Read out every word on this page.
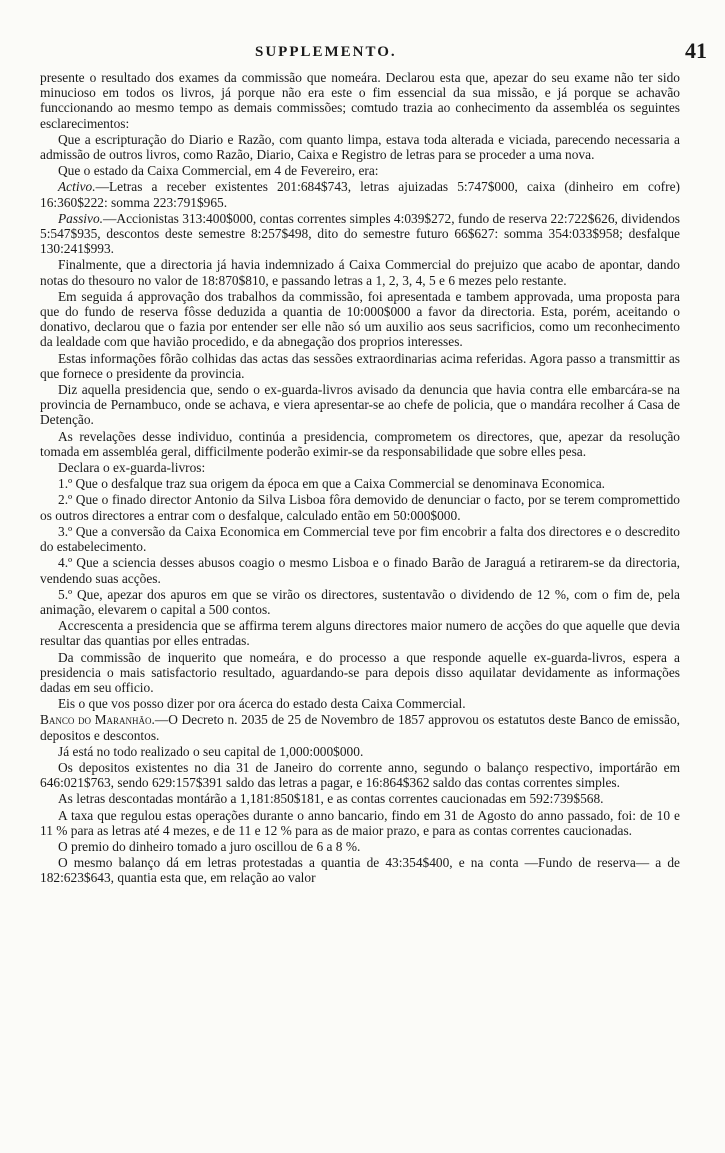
SUPPLEMENTO.	41

presente o resultado dos exames da commissão que nomeára. Declarou esta que, apezar do seu exame não ter sido minucioso em todos os livros, já porque não era este o fim essencial da sua missão, e já porque se achavão funccionando ao mesmo tempo as demais commissões; comtudo trazia ao conhecimento da assembléa os seguintes esclarecimentos:

Que a escripturação do Diario e Razão, com quanto limpa, estava toda alterada e viciada, parecendo necessaria a admissão de outros livros, como Razão, Diario, Caixa e Registro de letras para se proceder a uma nova.

Que o estado da Caixa Commercial, em 4 de Fevereiro, era:

Activo.—Letras a receber existentes 201:684$743, letras ajuizadas 5:747$000, caixa (dinheiro em cofre) 16:360$222: somma 223:791$965.

Passivo.—Accionistas 313:400$000, contas correntes simples 4:039$272, fundo de reserva 22:722$626, dividendos 5:547$935, descontos deste semestre 8:257$498, dito do semestre futuro 66$627: somma 354:033$958; desfalque 130:241$993.

Finalmente, que a directoria já havia indemnizado á Caixa Commercial do prejuizo que acabo de apontar, dando notas do thesouro no valor de 18:870$810, e passando letras a 1, 2, 3, 4, 5 e 6 mezes pelo restante.

Em seguida á approvação dos trabalhos da commissão, foi apresentada e tambem approvada, uma proposta para que do fundo de reserva fôsse deduzida a quantia de 10:000$000 a favor da directoria. Esta, porém, aceitando o donativo, declarou que o fazia por entender ser elle não só um auxilio aos seus sacrificios, como um reconhecimento da lealdade com que havião procedido, e da abnegação dos proprios interesses.

Estas informações fôrão colhidas das actas das sessões extraordinarias acima referidas. Agora passo a transmittir as que fornece o presidente da provincia.

Diz aquella presidencia que, sendo o ex-guarda-livros avisado da denuncia que havia contra elle embarcára-se na provincia de Pernambuco, onde se achava, e viera apresentar-se ao chefe de policia, que o mandára recolher á Casa de Detenção.

As revelações desse individuo, continúa a presidencia, comprometem os directores, que, apezar da resolução tomada em assembléa geral, difficilmente poderão eximir-se da responsabilidade que sobre elles pesa.

Declara o ex-guarda-livros:

1.º Que o desfalque traz sua origem da época em que a Caixa Commercial se denominava Economica.

2.º Que o finado director Antonio da Silva Lisboa fôra demovido de denunciar o facto, por se terem compromettido os outros directores a entrar com o desfalque, calculado então em 50:000$000.

3.º Que a conversão da Caixa Economica em Commercial teve por fim encobrir a falta dos directores e o descredito do estabelecimento.

4.º Que a sciencia desses abusos coagio o mesmo Lisboa e o finado Barão de Jaraguá a retirarem-se da directoria, vendendo suas acções.

5.º Que, apezar dos apuros em que se virão os directores, sustentavão o dividendo de 12 %, com o fim de, pela animação, elevarem o capital a 500 contos.

Accrescenta a presidencia que se affirma terem alguns directores maior numero de acções do que aquelle que devia resultar das quantias por elles entradas.

Da commissão de inquerito que nomeára, e do processo a que responde aquelle ex-guarda-livros, espera a presidencia o mais satisfactorio resultado, aguardando-se para depois disso aquilatar devidamente as informações dadas em seu officio.

Eis o que vos posso dizer por ora ácerca do estado desta Caixa Commercial.

Banco do Maranhão.—O Decreto n. 2035 de 25 de Novembro de 1857 approvou os estatutos deste Banco de emissão, depositos e descontos.

Já está no todo realizado o seu capital de 1,000:000$000.

Os depositos existentes no dia 31 de Janeiro do corrente anno, segundo o balanço respectivo, importárão em 646:021$763, sendo 629:157$391 saldo das letras a pagar, e 16:864$362 saldo das contas correntes simples.

As letras descontadas montárão a 1,181:850$181, e as contas correntes caucionadas em 592:739$568.

A taxa que regulou estas operações durante o anno bancario, findo em 31 de Agosto do anno passado, foi: de 10 e 11 % para as letras até 4 mezes, e de 11 e 12 % para as de maior prazo, e para as contas correntes caucionadas.

O premio do dinheiro tomado a juro oscillou de 6 a 8 %.

O mesmo balanço dá em letras protestadas a quantia de 43:354$400, e na conta —Fundo de reserva— a de 182:623$643, quantia esta que, em relação ao valor
